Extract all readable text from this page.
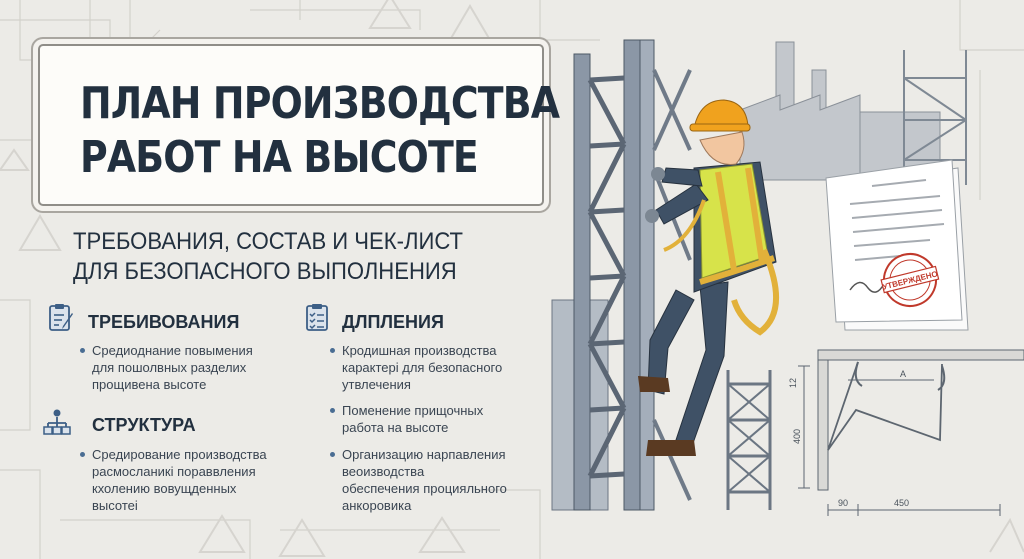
ПЛАН ПРОИЗВОДСТВА
РАБОТ НА ВЫСОТЕ
ТРЕБОВАНИЯ, СОСТАВ И ЧЕК-ЛИСТ
ДЛЯ БЕЗОПАСНОГО ВЫПОЛНЕНИЯ
ТРЕБИВОВАНИЯ
Средиоднание повымения
для пошолвных разделих
прощивена высоте
СТРУКТУРА
Средирование производства
расмосланикі пораввления
кхолению вовущденных
высотеі
ДЛПЛЕНИЯ
Кродишная производства
карактері для безопасного
утвлечения
Поменение прищочных
работа на высоте
Организацию нарпавления
веоизводства
обеспечения процияльного
анкоровика
УТВЕРЖДЕНО
A
12
400
90	450
